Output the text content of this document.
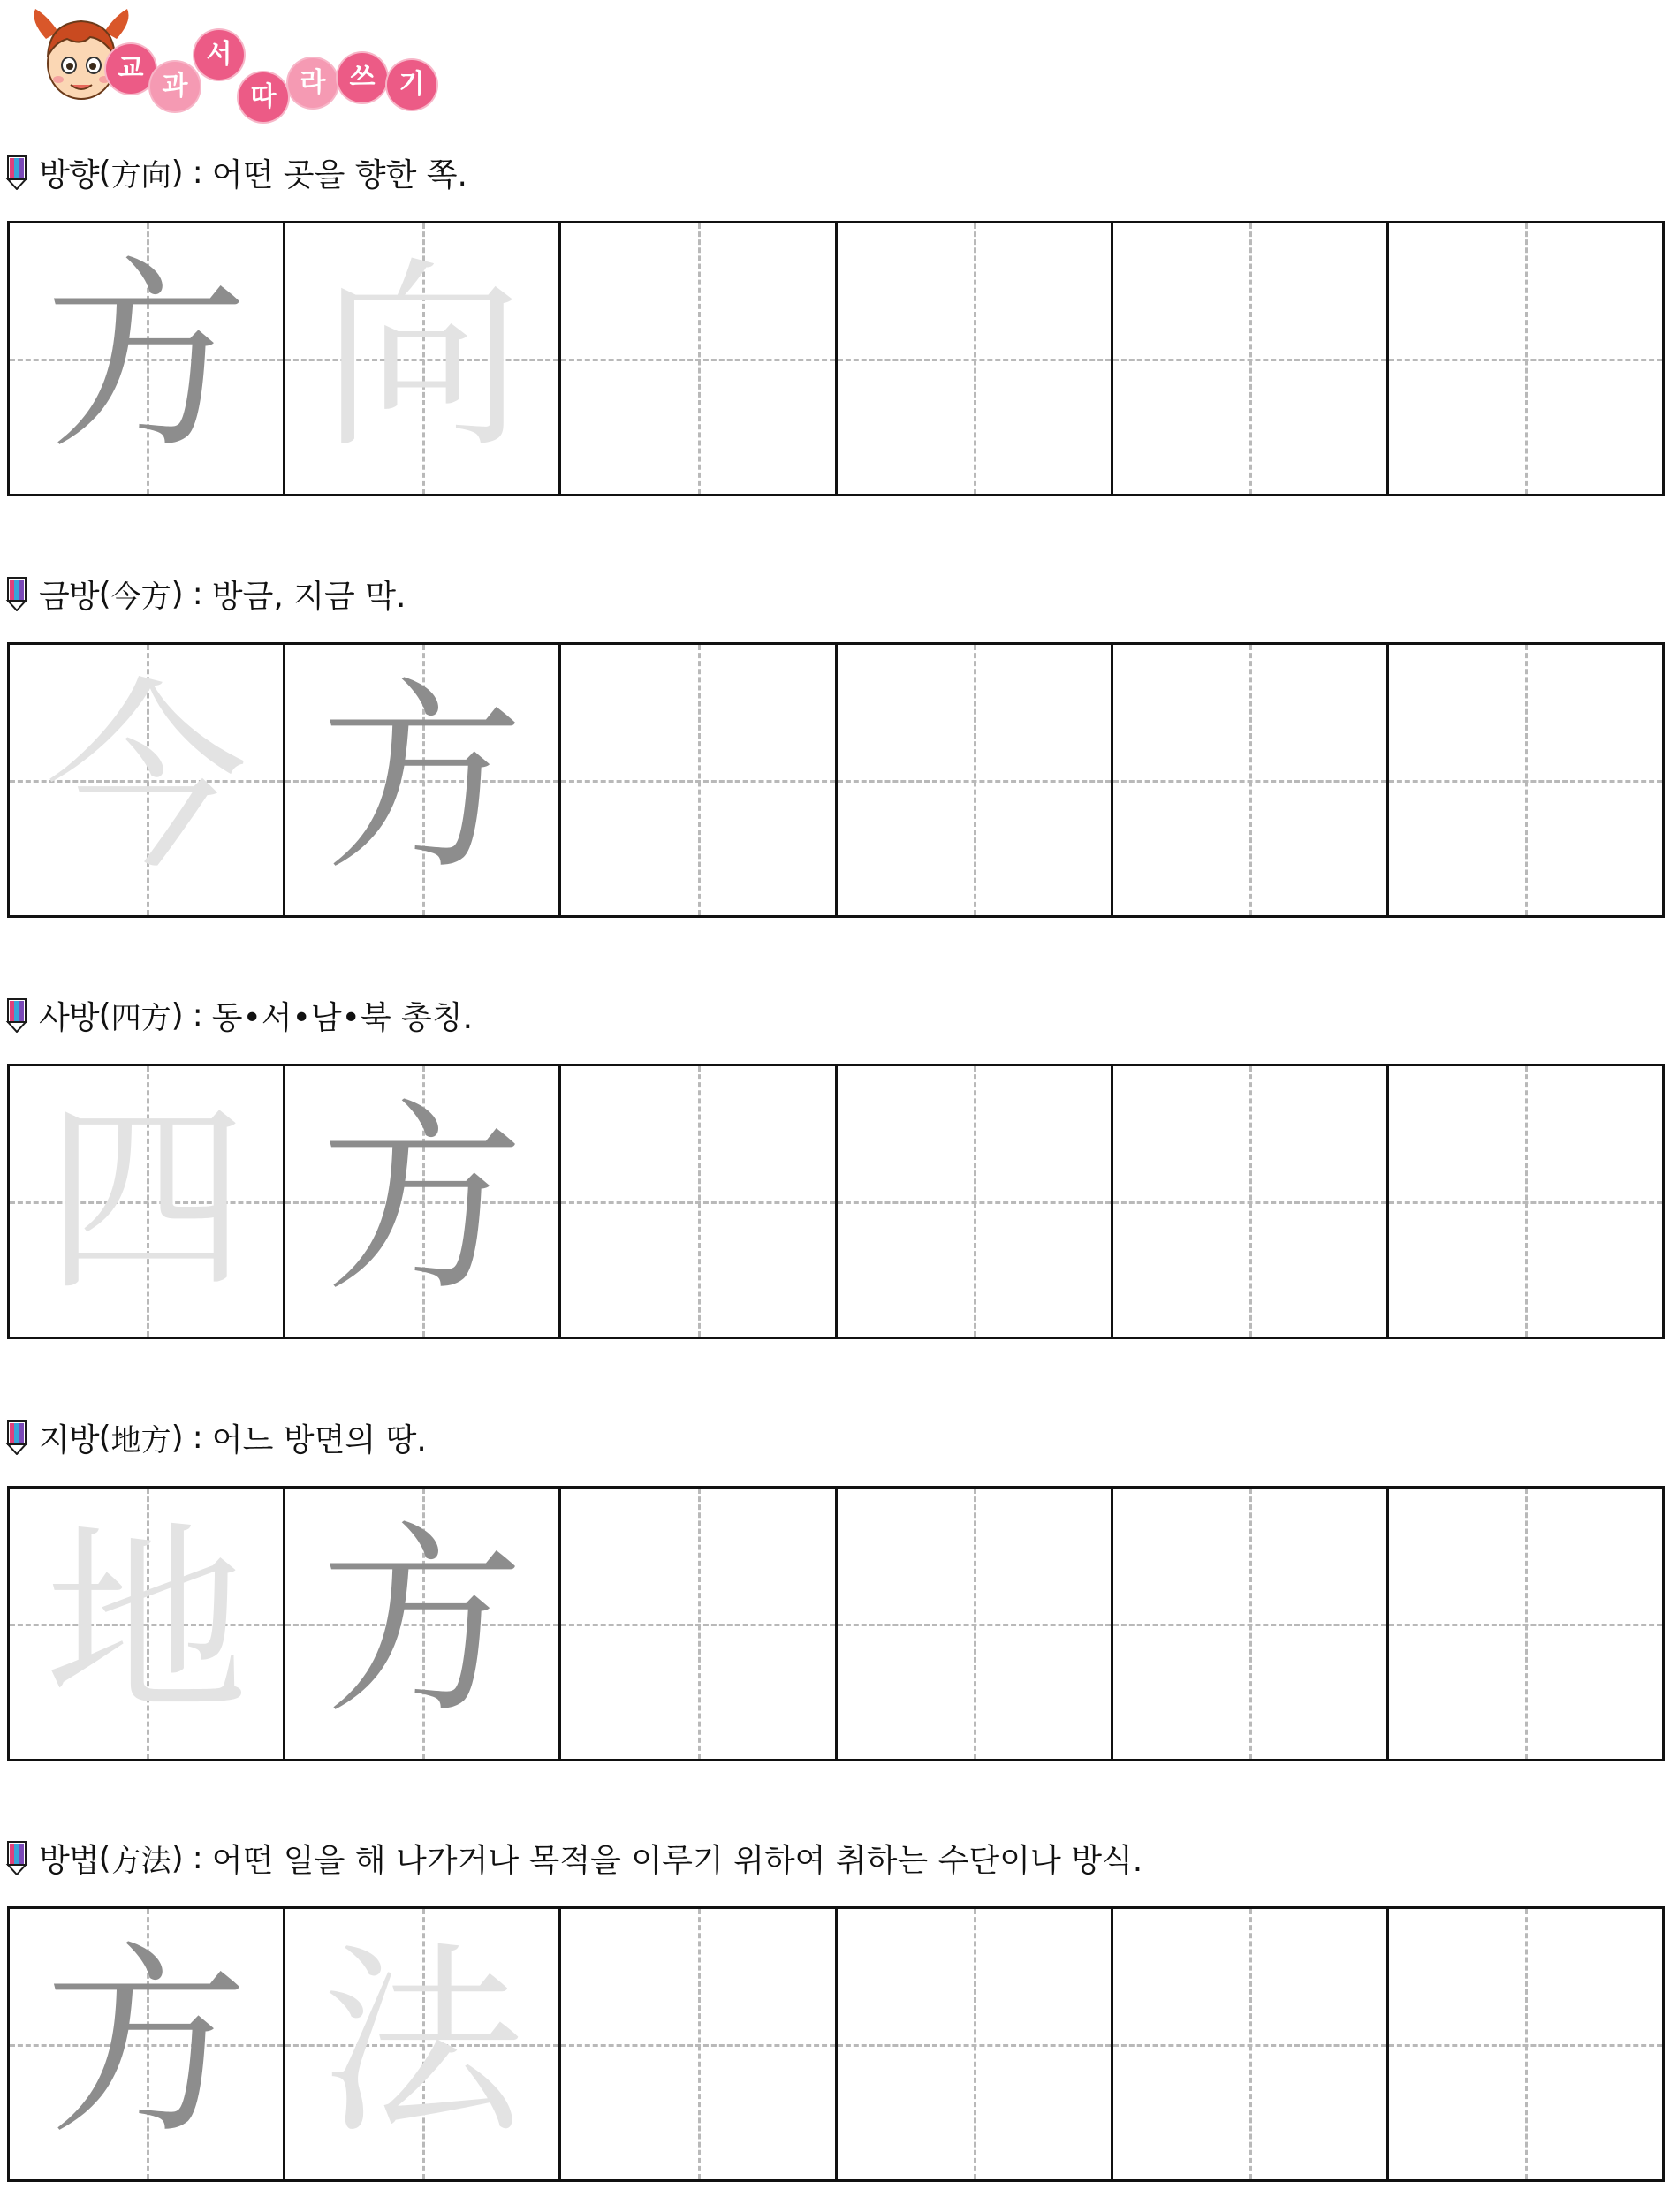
교
과
서
따 라 쓰 기
방향 ( 方向 ) : 어떤 곳을 향한 쪽.
方 向
금방 ( 今方 ) : 방금, 지금 막.
今 方
사방 ( 四方 ) : 동•서•남•북 총칭.
四 方
지방 ( 地方 ) : 어느 방면의 땅.
地 方
방법 ( 方法 ) : 어떤 일을 해 나가거나 목적을 이루기 위하여 취하는 수단이나 방식.
方 法
